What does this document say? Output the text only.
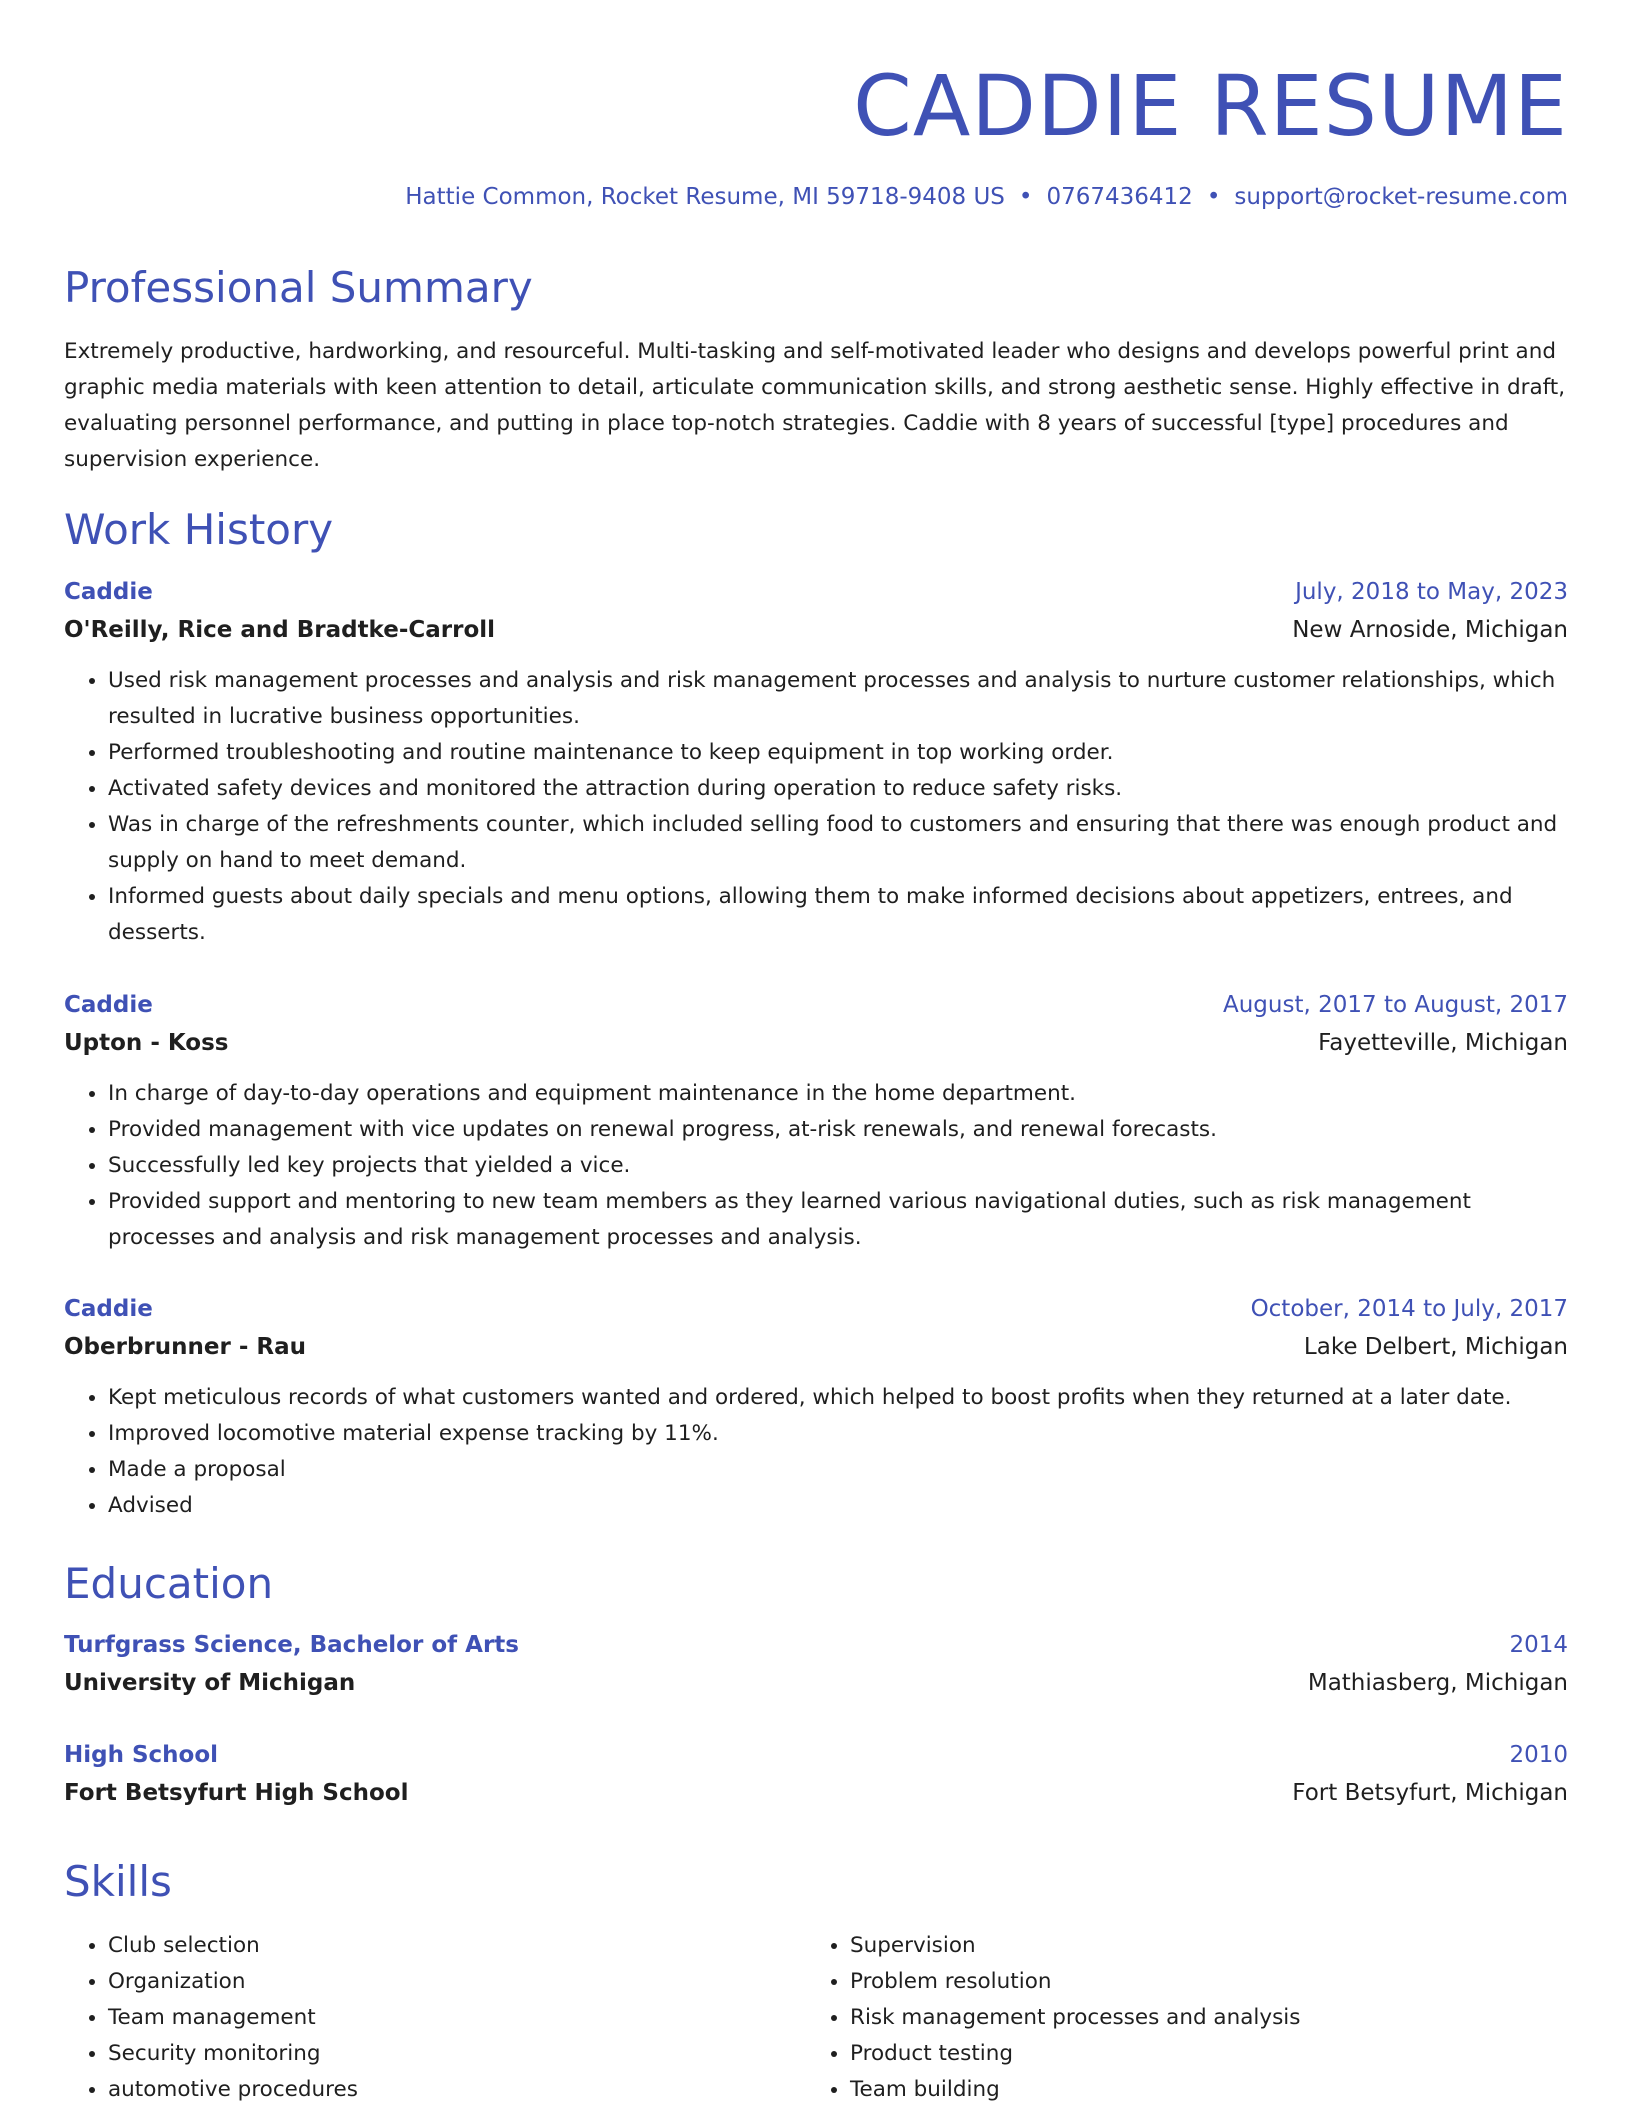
CADDIE RESUME
Hattie Common, Rocket Resume, MI 59718-9408 US • 0767436412 • support@rocket-resume.com
Professional Summary

Extremely productive, hardworking, and resourceful. Multi-tasking and self-motivated leader who designs and develops powerful print and graphic media materials with keen attention to detail, articulate communication skills, and strong aesthetic sense. Highly effective in draft, evaluating personnel performance, and putting in place top-notch strategies. Caddie with 8 years of successful [type] procedures and supervision experience.

Work History
Caddie	July, 2018 to May, 2023
O'Reilly, Rice and Bradtke-Carroll	New Arnoside, Michigan
• Used risk management processes and analysis and risk management processes and analysis to nurture customer relationships, which resulted in lucrative business opportunities.
• Performed troubleshooting and routine maintenance to keep equipment in top working order.
• Activated safety devices and monitored the attraction during operation to reduce safety risks.
• Was in charge of the refreshments counter, which included selling food to customers and ensuring that there was enough product and supply on hand to meet demand.
• Informed guests about daily specials and menu options, allowing them to make informed decisions about appetizers, entrees, and desserts.
Caddie	August, 2017 to August, 2017
Upton - Koss	Fayetteville, Michigan
• In charge of day-to-day operations and equipment maintenance in the home department.
• Provided management with vice updates on renewal progress, at-risk renewals, and renewal forecasts.
• Successfully led key projects that yielded a vice.
• Provided support and mentoring to new team members as they learned various navigational duties, such as risk management processes and analysis and risk management processes and analysis.
Caddie	October, 2014 to July, 2017
Oberbrunner - Rau	Lake Delbert, Michigan
• Kept meticulous records of what customers wanted and ordered, which helped to boost profits when they returned at a later date.
• Improved locomotive material expense tracking by 11%.
• Made a proposal
• Advised
Education
Turfgrass Science, Bachelor of Arts	2014
University of Michigan	Mathiasberg, Michigan
High School	2010
Fort Betsyfurt High School	Fort Betsyfurt, Michigan
Skills
• Club selection
• Organization
• Team management
• Security monitoring
• automotive procedures
• Supervision
• Problem resolution
• Risk management processes and analysis
• Product testing
• Team building
